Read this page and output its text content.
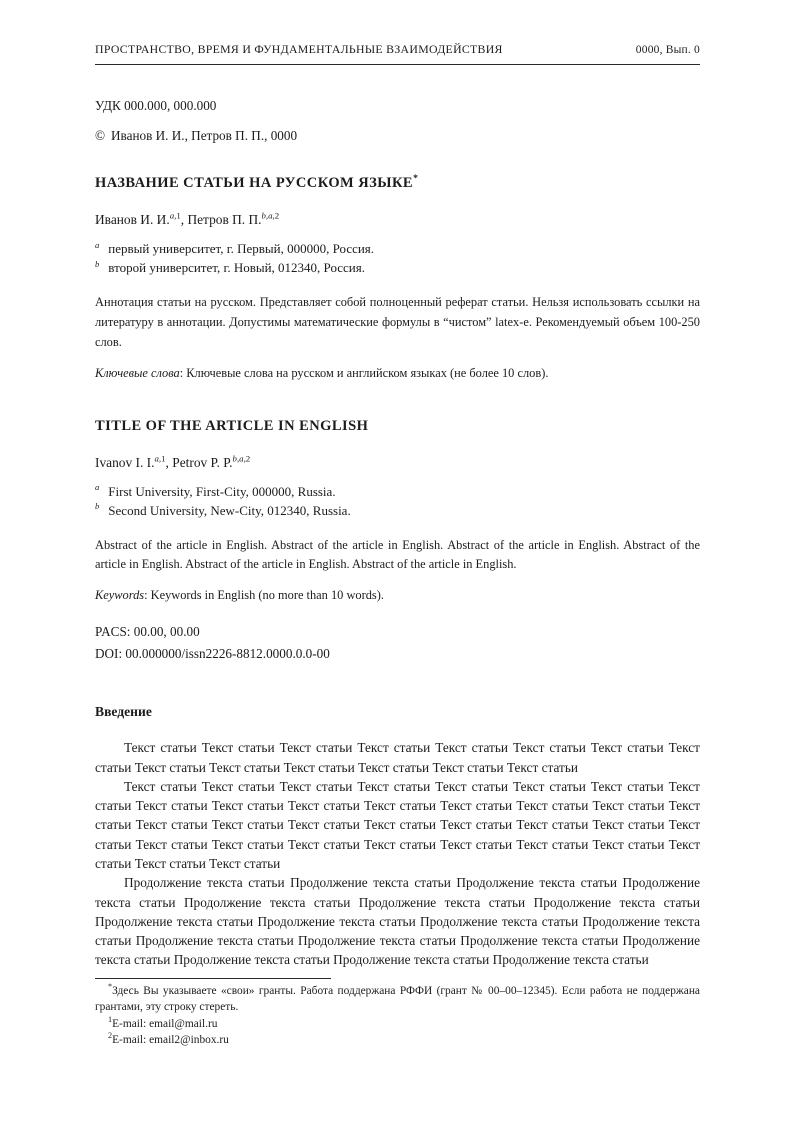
ПРОСТРАНСТВО, ВРЕМЯ И ФУНДАМЕНТАЛЬНЫЕ ВЗАИМОДЕЙСТВИЯ	0000, Вып. 0
УДК 000.000, 000.000
© Иванов И. И., Петров П. П., 0000
НАЗВАНИЕ СТАТЬИ НА РУССКОМ ЯЗЫКЕ*
Иванов И. И.$^{a,1}$, Петров П. П.$^{b,a,2}$
$^a$ первый университет, г. Первый, 000000, Россия.
$^b$ второй университет, г. Новый, 012340, Россия.
Аннотация статьи на русском. Представляет собой полноценный реферат статьи. Нельзя использовать ссылки на литературу в аннотации. Допустимы математические формулы в “чистом” latex-е. Рекомендуемый объем 100-250 слов.
Ключевые слова: Ключевые слова на русском и английском языках (не более 10 слов).
TITLE OF THE ARTICLE IN ENGLISH
Ivanov I. I.$^{a,1}$, Petrov P. P.$^{b,a,2}$
$^a$ First University, First-City, 000000, Russia.
$^b$ Second University, New-City, 012340, Russia.
Abstract of the article in English. Abstract of the article in English. Abstract of the article in English. Abstract of the article in English. Abstract of the article in English. Abstract of the article in English.
Keywords: Keywords in English (no more than 10 words).
PACS: 00.00, 00.00
DOI: 00.000000/issn2226-8812.0000.0.0-00
Введение

Текст статьи Текст статьи Текст статьи Текст статьи Текст статьи Текст статьи Текст статьи Текст статьи Текст статьи Текст статьи Текст статьи Текст статьи Текст статьи Текст статьи

Текст статьи Текст статьи Текст статьи Текст статьи Текст статьи Текст статьи Текст статьи Текст статьи Текст статьи Текст статьи Текст статьи Текст статьи Текст статьи Текст статьи Текст статьи Текст статьи Текст статьи Текст статьи Текст статьи Текст статьи Текст статьи Текст статьи Текст статьи Текст статьи Текст статьи Текст статьи Текст статьи Текст статьи Текст статьи Текст статьи Текст статьи Текст статьи Текст статьи Текст статьи

Продолжение текста статьи Продолжение текста статьи Продолжение текста статьи Продолжение текста статьи Продолжение текста статьи Продолжение текста статьи Продолжение текста статьи Продолжение текста статьи Продолжение текста статьи Продолжение текста статьи Продолжение текста статьи Продолжение текста статьи Продолжение текста статьи Продолжение текста статьи Продолжение текста статьи Продолжение текста статьи Продолжение текста статьи Продолжение текста статьи

*Здесь Вы указываете «свои» гранты. Работа поддержана РФФИ (грант № 00–00–12345). Если работа не поддержана грантами, эту строку стереть.
$^1$E-mail: email@mail.ru
$^2$E-mail: email2@inbox.ru
